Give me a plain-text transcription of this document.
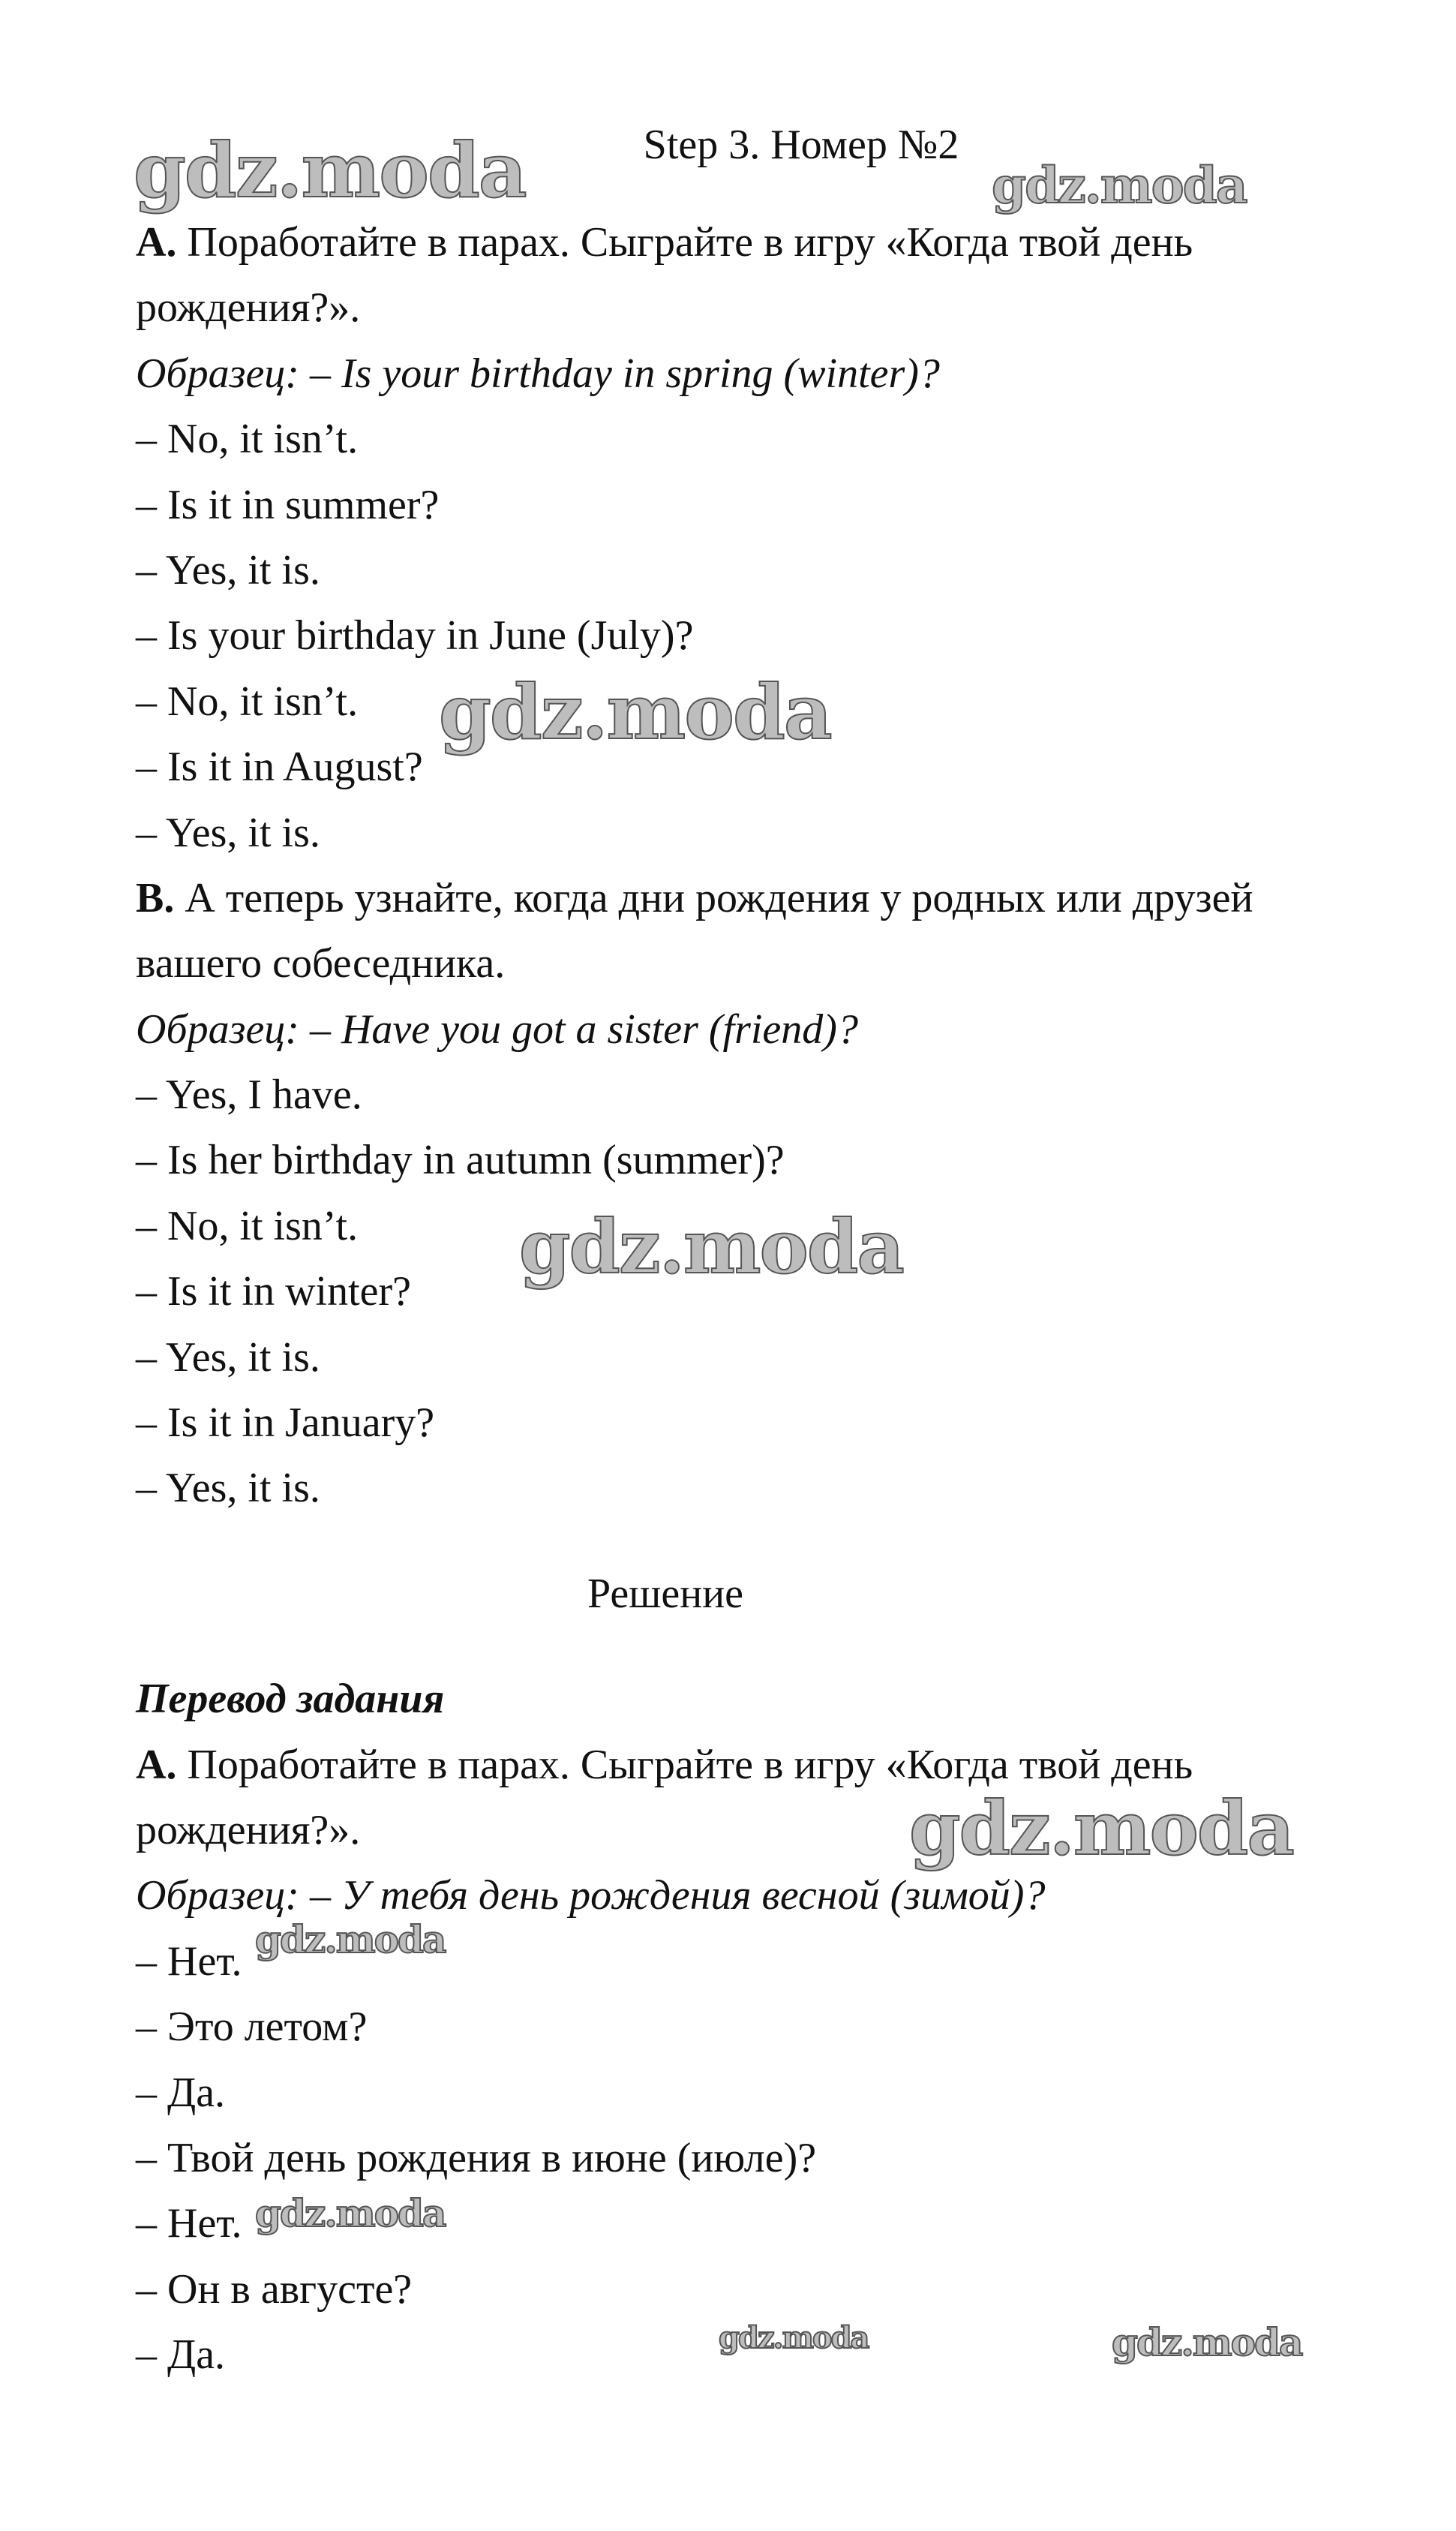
Step 3. Номер №2
A. Поработайте в парах. Сыграйте в игру «Когда твой день
рождения?».
Образец: – Is your birthday in spring (winter)?
– No, it isn’t.
– Is it in summer?
– Yes, it is.
– Is your birthday in June (July)?
– No, it isn’t.
– Is it in August?
– Yes, it is.
B. А теперь узнайте, когда дни рождения у родных или друзей
вашего собеседника.
Образец: – Have you got a sister (friend)?
– Yes, I have.
– Is her birthday in autumn (summer)?
– No, it isn’t.
– Is it in winter?
– Yes, it is.
– Is it in January?
– Yes, it is.
Решение
Перевод задания
A. Поработайте в парах. Сыграйте в игру «Когда твой день
рождения?».
Образец: – У тебя день рождения весной (зимой)?
– Нет.
– Это летом?
– Да.
– Твой день рождения в июне (июле)?
– Нет.
– Он в августе?
– Да.
gdz.moda	gdz.moda
gdz.moda
gdz.moda
gdz.moda
gdz.moda
gdz.moda
gdz.moda	gdz.moda
